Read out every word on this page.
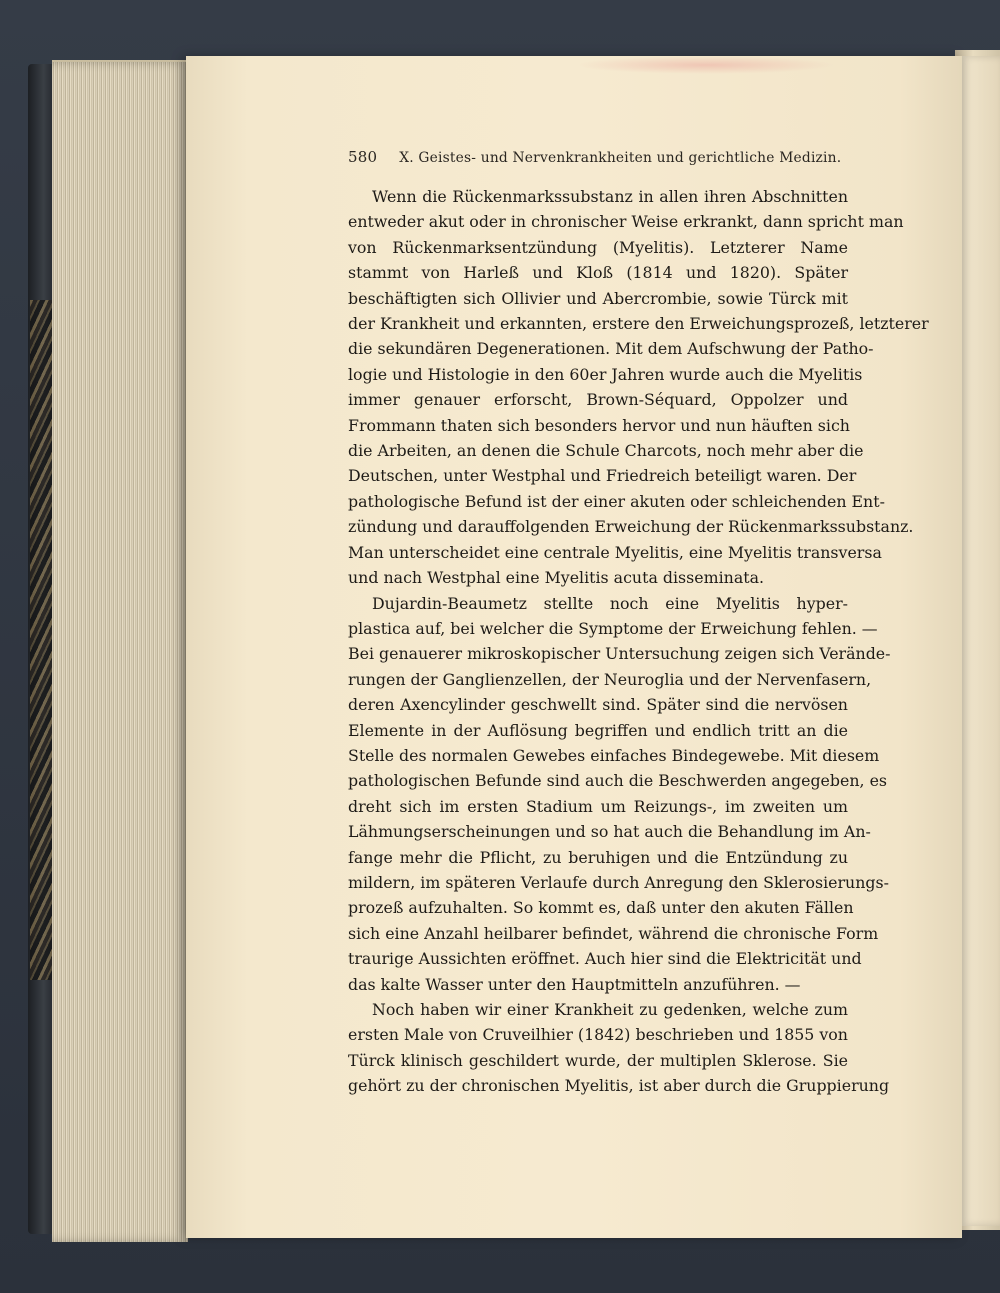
580 X. Geistes- und Nervenkrankheiten und gerichtliche Medizin.

Wenn die Rückenmarkssubstanz in allen ihren Abschnitten
entweder akut oder in chronischer Weise erkrankt, dann spricht man
von Rückenmarksentzündung (Myelitis). Letzterer Name
stammt von Harleß und Kloß (1814 und 1820). Später
beschäftigten sich Ollivier und Abercrombie, sowie Türck mit
der Krankheit und erkannten, erstere den Erweichungsprozeß, letzterer
die sekundären Degenerationen. Mit dem Aufschwung der Patho-
logie und Histologie in den 60er Jahren wurde auch die Myelitis
immer genauer erforscht, Brown-Séquard, Oppolzer und
Frommann thaten sich besonders hervor und nun häuften sich
die Arbeiten, an denen die Schule Charcots, noch mehr aber die
Deutschen, unter Westphal und Friedreich beteiligt waren. Der
pathologische Befund ist der einer akuten oder schleichenden Ent-
zündung und darauffolgenden Erweichung der Rückenmarkssubstanz.
Man unterscheidet eine centrale Myelitis, eine Myelitis transversa
und nach Westphal eine Myelitis acuta disseminata.

Dujardin-Beaumetz stellte noch eine Myelitis hyper-
plastica auf, bei welcher die Symptome der Erweichung fehlen. —
Bei genauerer mikroskopischer Untersuchung zeigen sich Verände-
rungen der Ganglienzellen, der Neuroglia und der Nervenfasern,
deren Axencylinder geschwellt sind. Später sind die nervösen
Elemente in der Auflösung begriffen und endlich tritt an die
Stelle des normalen Gewebes einfaches Bindegewebe. Mit diesem
pathologischen Befunde sind auch die Beschwerden angegeben, es
dreht sich im ersten Stadium um Reizungs-, im zweiten um
Lähmungserscheinungen und so hat auch die Behandlung im An-
fange mehr die Pflicht, zu beruhigen und die Entzündung zu
mildern, im späteren Verlaufe durch Anregung den Sklerosierungs-
prozeß aufzuhalten. So kommt es, daß unter den akuten Fällen
sich eine Anzahl heilbarer befindet, während die chronische Form
traurige Aussichten eröffnet. Auch hier sind die Elektricität und
das kalte Wasser unter den Hauptmitteln anzuführen. —

Noch haben wir einer Krankheit zu gedenken, welche zum
ersten Male von Cruveilhier (1842) beschrieben und 1855 von
Türck klinisch geschildert wurde, der multiplen Sklerose. Sie
gehört zu der chronischen Myelitis, ist aber durch die Gruppierung
